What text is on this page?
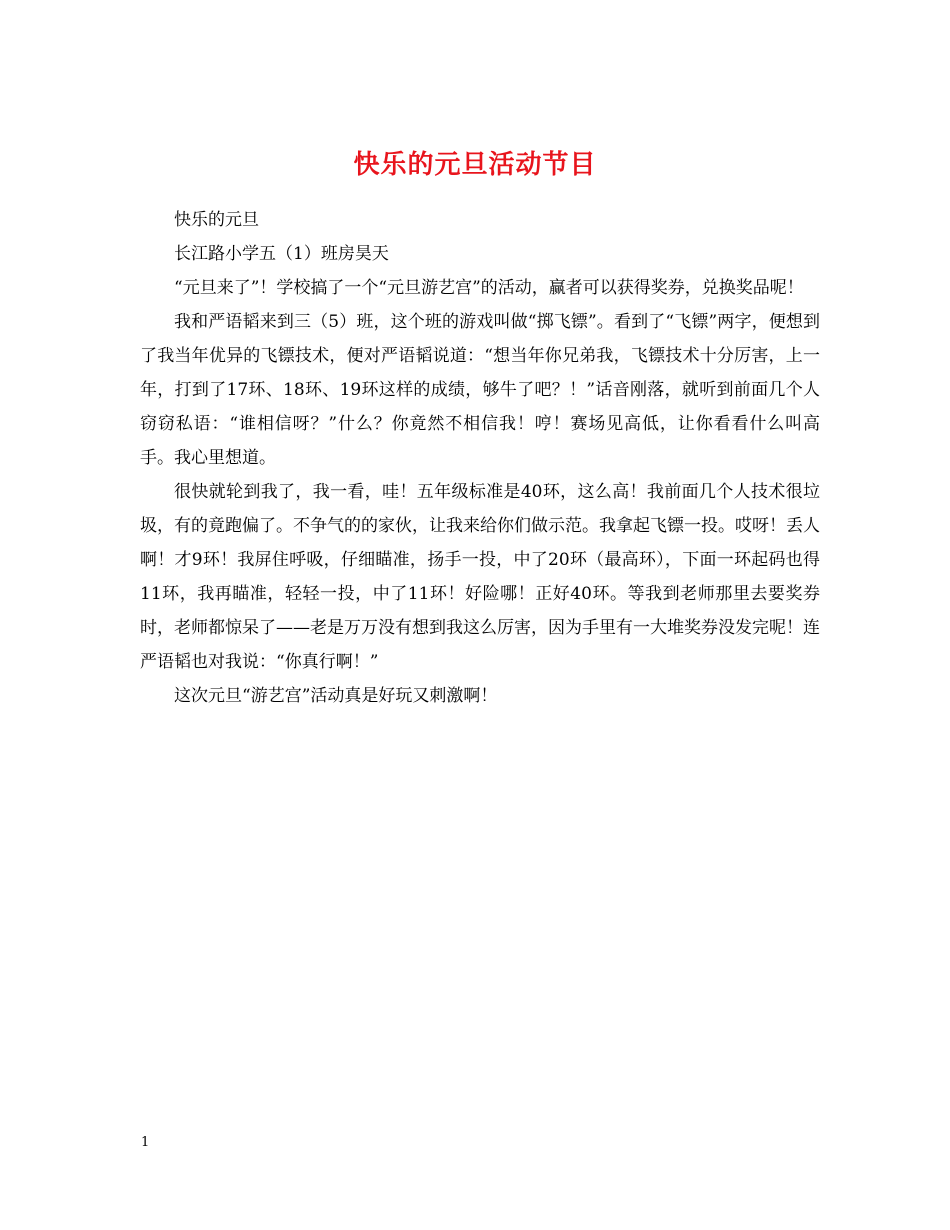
快乐的元旦活动节目

快乐的元旦

长江路小学五（1）班房昊天

“元旦来了”！学校搞了一个“元旦游艺宫”的活动，赢者可以获得奖券，兑换奖品呢！

我和严语韬来到三（5）班，这个班的游戏叫做“掷飞镖”。看到了“飞镖”两字，便想到了我当年优异的飞镖技术，便对严语韬说道：“想当年你兄弟我，飞镖技术十分厉害，上一年，打到了17环、18环、19环这样的成绩，够牛了吧？！”话音刚落，就听到前面几个人窃窃私语：“谁相信呀？”什么？你竟然不相信我！哼！赛场见高低，让你看看什么叫高手。我心里想道。

很快就轮到我了，我一看，哇！五年级标准是40环，这么高！我前面几个人技术很垃圾，有的竟跑偏了。不争气的的家伙，让我来给你们做示范。我拿起飞镖一投。哎呀！丢人啊！才9环！我屏住呼吸，仔细瞄准，扬手一投，中了20环（最高环），下面一环起码也得11环，我再瞄准，轻轻一投，中了11环！好险哪！正好40环。等我到老师那里去要奖券时，老师都惊呆了——老是万万没有想到我这么厉害，因为手里有一大堆奖券没发完呢！连严语韬也对我说：“你真行啊！”

这次元旦“游艺宫”活动真是好玩又刺激啊！

1
